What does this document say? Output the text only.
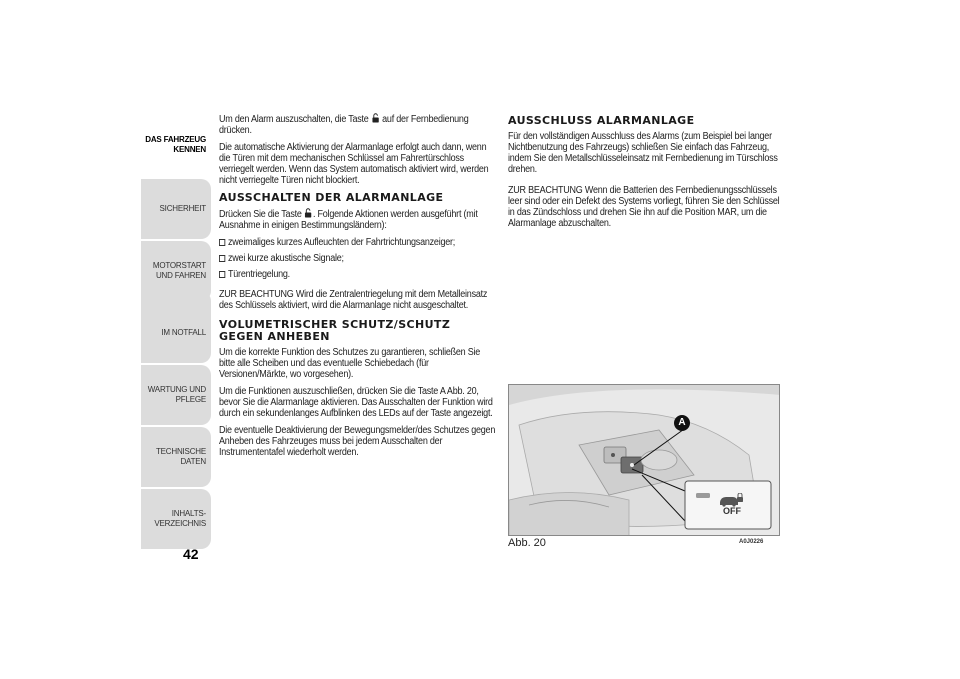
DAS FAHRZEUG KENNEN
SICHERHEIT
MOTORSTART UND FAHREN
IM NOTFALL
WARTUNG UND PFLEGE
TECHNISCHE DATEN
INHALTS-VERZEICHNIS
42

Um den Alarm auszuschalten, die Taste  auf der Fernbedienung drücken.

Die automatische Aktivierung der Alarmanlage erfolgt auch dann, wenn die Türen mit dem mechanischen Schlüssel am Fahrertürschloss verriegelt werden. Wenn das System automatisch aktiviert wird, werden nicht verriegelte Türen nicht blockiert.

AUSSCHALTEN DER ALARMANLAGE

Drücken Sie die Taste . Folgende Aktionen werden ausgeführt (mit Ausnahme in einigen Bestimmungsländern):

zweimaliges kurzes Aufleuchten der Fahrtrichtungsanzeiger;
zwei kurze akustische Signale;
Türentriegelung.

ZUR BEACHTUNG Wird die Zentralentriegelung mit dem Metalleinsatz des Schlüssels aktiviert, wird die Alarmanlage nicht ausgeschaltet.

VOLUMETRISCHER SCHUTZ/SCHUTZ GEGEN ANHEBEN

Um die korrekte Funktion des Schutzes zu garantieren, schließen Sie bitte alle Scheiben und das eventuelle Schiebedach (für Versionen/Märkte, wo vorgesehen).

Um die Funktionen auszuschließen, drücken Sie die Taste A Abb. 20, bevor Sie die Alarmanlage aktivieren. Das Ausschalten der Funktion wird durch ein sekundenlanges Aufblinken des LEDs auf der Taste angezeigt.

Die eventuelle Deaktivierung der Bewegungsmelder/des Schutzes gegen Anheben des Fahrzeuges muss bei jedem Ausschalten der Instrumententafel wiederholt werden.

AUSSCHLUSS ALARMANLAGE

Für den vollständigen Ausschluss des Alarms (zum Beispiel bei langer Nichtbenutzung des Fahrzeugs) schließen Sie einfach das Fahrzeug, indem Sie den Metallschlüsseleinsatz mit Fernbedienung im Türschloss drehen.

ZUR BEACHTUNG Wenn die Batterien des Fernbedienungsschlüssels leer sind oder ein Defekt des Systems vorliegt, führen Sie den Schlüssel in das Zündschloss und drehen Sie ihn auf die Position MAR, um die Alarmanlage abzuschalten.

A
OFF
Abb. 20	A0J0226
